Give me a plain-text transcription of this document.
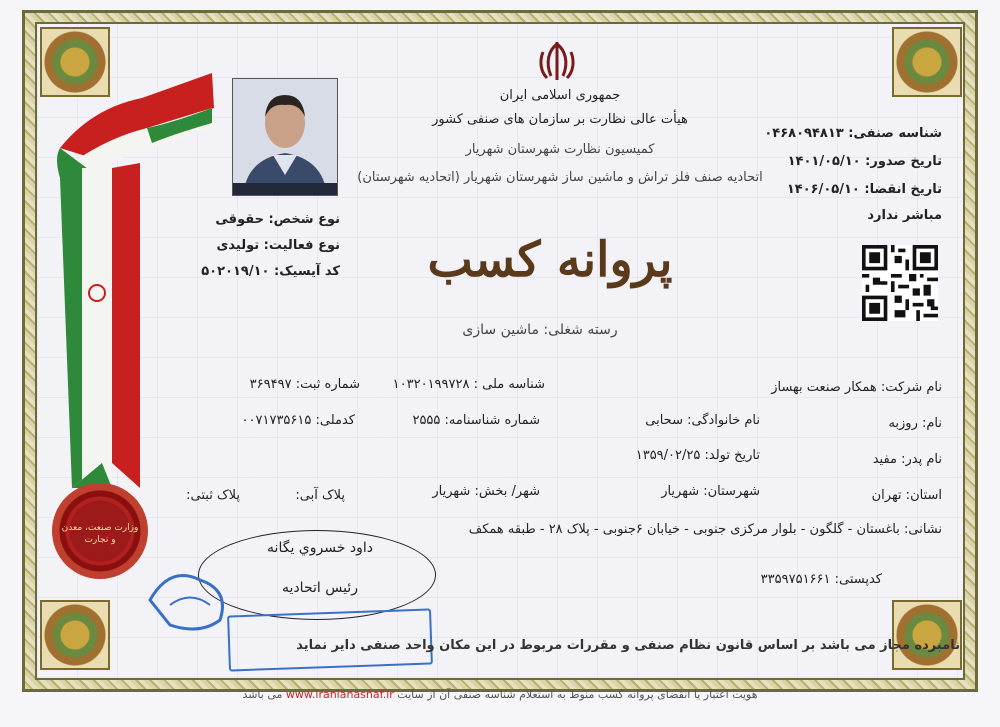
جمهوری اسلامی ایران
هیأت عالی نظارت بر سازمان های صنفی کشور
کمیسیون نظارت شهرستان شهریار
اتحادیه صنف فلز تراش و ماشین ساز شهرستان شهریار (اتحادیه شهرستان)
پروانه کسب
رسته شغلی: ماشین سازی
نوع شخص: حقوقی
نوع فعالیت: تولیدی
کد آیسیک: ۵۰۲۰۱۹/۱۰
شناسه صنفی: ۰۴۶۸۰۹۴۸۱۳
تاریخ صدور: ۱۴۰۱/۰۵/۱۰
تاریخ انقضا: ۱۴۰۶/۰۵/۱۰
مباشر ندارد
نام شرکت: همکار صنعت بهساز
شناسه ملی : ۱۰۳۲۰۱۹۹۷۲۸
شماره ثبت: ۳۶۹۴۹۷
نام: روزبه
نام خانوادگی: سحابی
شماره شناسنامه: ۲۵۵۵
کدملی: ۰۰۷۱۷۳۵۶۱۵
نام پدر: مفید
تاریخ تولد: ۱۳۵۹/۰۲/۲۵
استان: تهران
شهرستان: شهریار
شهر/ بخش: شهریار
پلاک آبی:
پلاک ثبتی:
نشانی: باغستان - گلگون - بلوار مرکزی جنوبی - خیابان ۶جنوبی - پلاک ۲۸ - طبقه همکف
کدپستی: ۳۳۵۹۷۵۱۶۶۱
وزارت صنعت، معدن و تجارت	داود خسروي يگانه
رئیس اتحادیه
نامبرده مجاز می باشد بر اساس قانون نظام صنفی و مقررات مربوط در این مکان واحد صنفی دایر نماید
هویت اعتبار یا انقضای پروانه کسب منوط به استعلام شناسه صنفی آن از سایت www.iranianasnaf.ir می باشد
